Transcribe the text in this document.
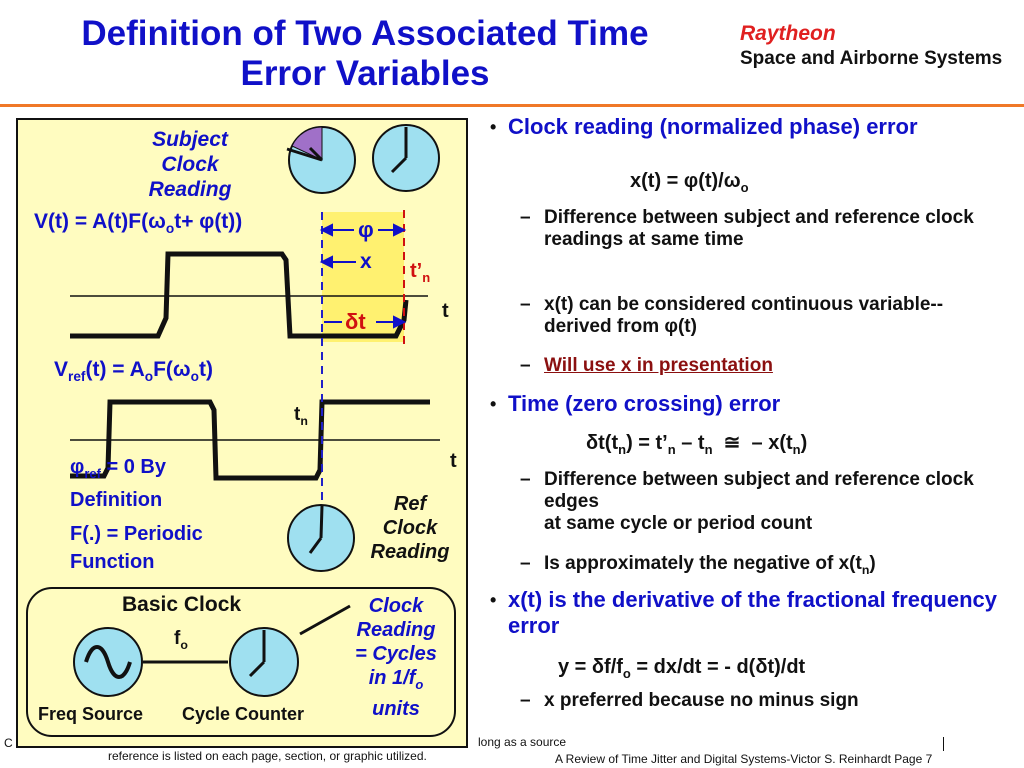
Definition of Two Associated Time
Error Variables
Raytheon
Space and Airborne Systems
Subject
Clock
Reading
$V(t) = A(t)F(\omega_ot+ \varphi(t))$	φ
x $t’_n$
t
δt
$V_{ref}(t) = A_oF(\omega_ot)$
$t_n$
t
$\varphi_{ref} = 0$ By
Definition
F(.) = Periodic
Function
Ref
Clock
Reading
Basic Clock
$f_o$
Freq Source Cycle Counter
Clock
Reading
= Cycles
in $1/f_o$
units
• Clock reading (normalized phase) error
$x(t) = \varphi(t)/\omega_o$
– Difference between subject and reference clock readings at same time
– x(t) can be considered continuous variable--derived from φ(t)
– Will use x in presentation
• Time (zero crossing) error
$\delta t(t_n)$ = $t’_n - t_n$  ≅  – $x(t_n)$
– Difference between subject and reference clock edges
at same cycle or period count
– Is approximately the negative of $x(t_n)$
• x(t) is the derivative of the fractional frequency error
$y = \delta f/f_o = dx/dt$ = - d(δt)/dt
– x preferred because no minus sign
C	long as a source
reference is listed on each page, section, or graphic utilized.	A Review of Time Jitter and Digital Systems-Victor S. Reinhardt Page 7
